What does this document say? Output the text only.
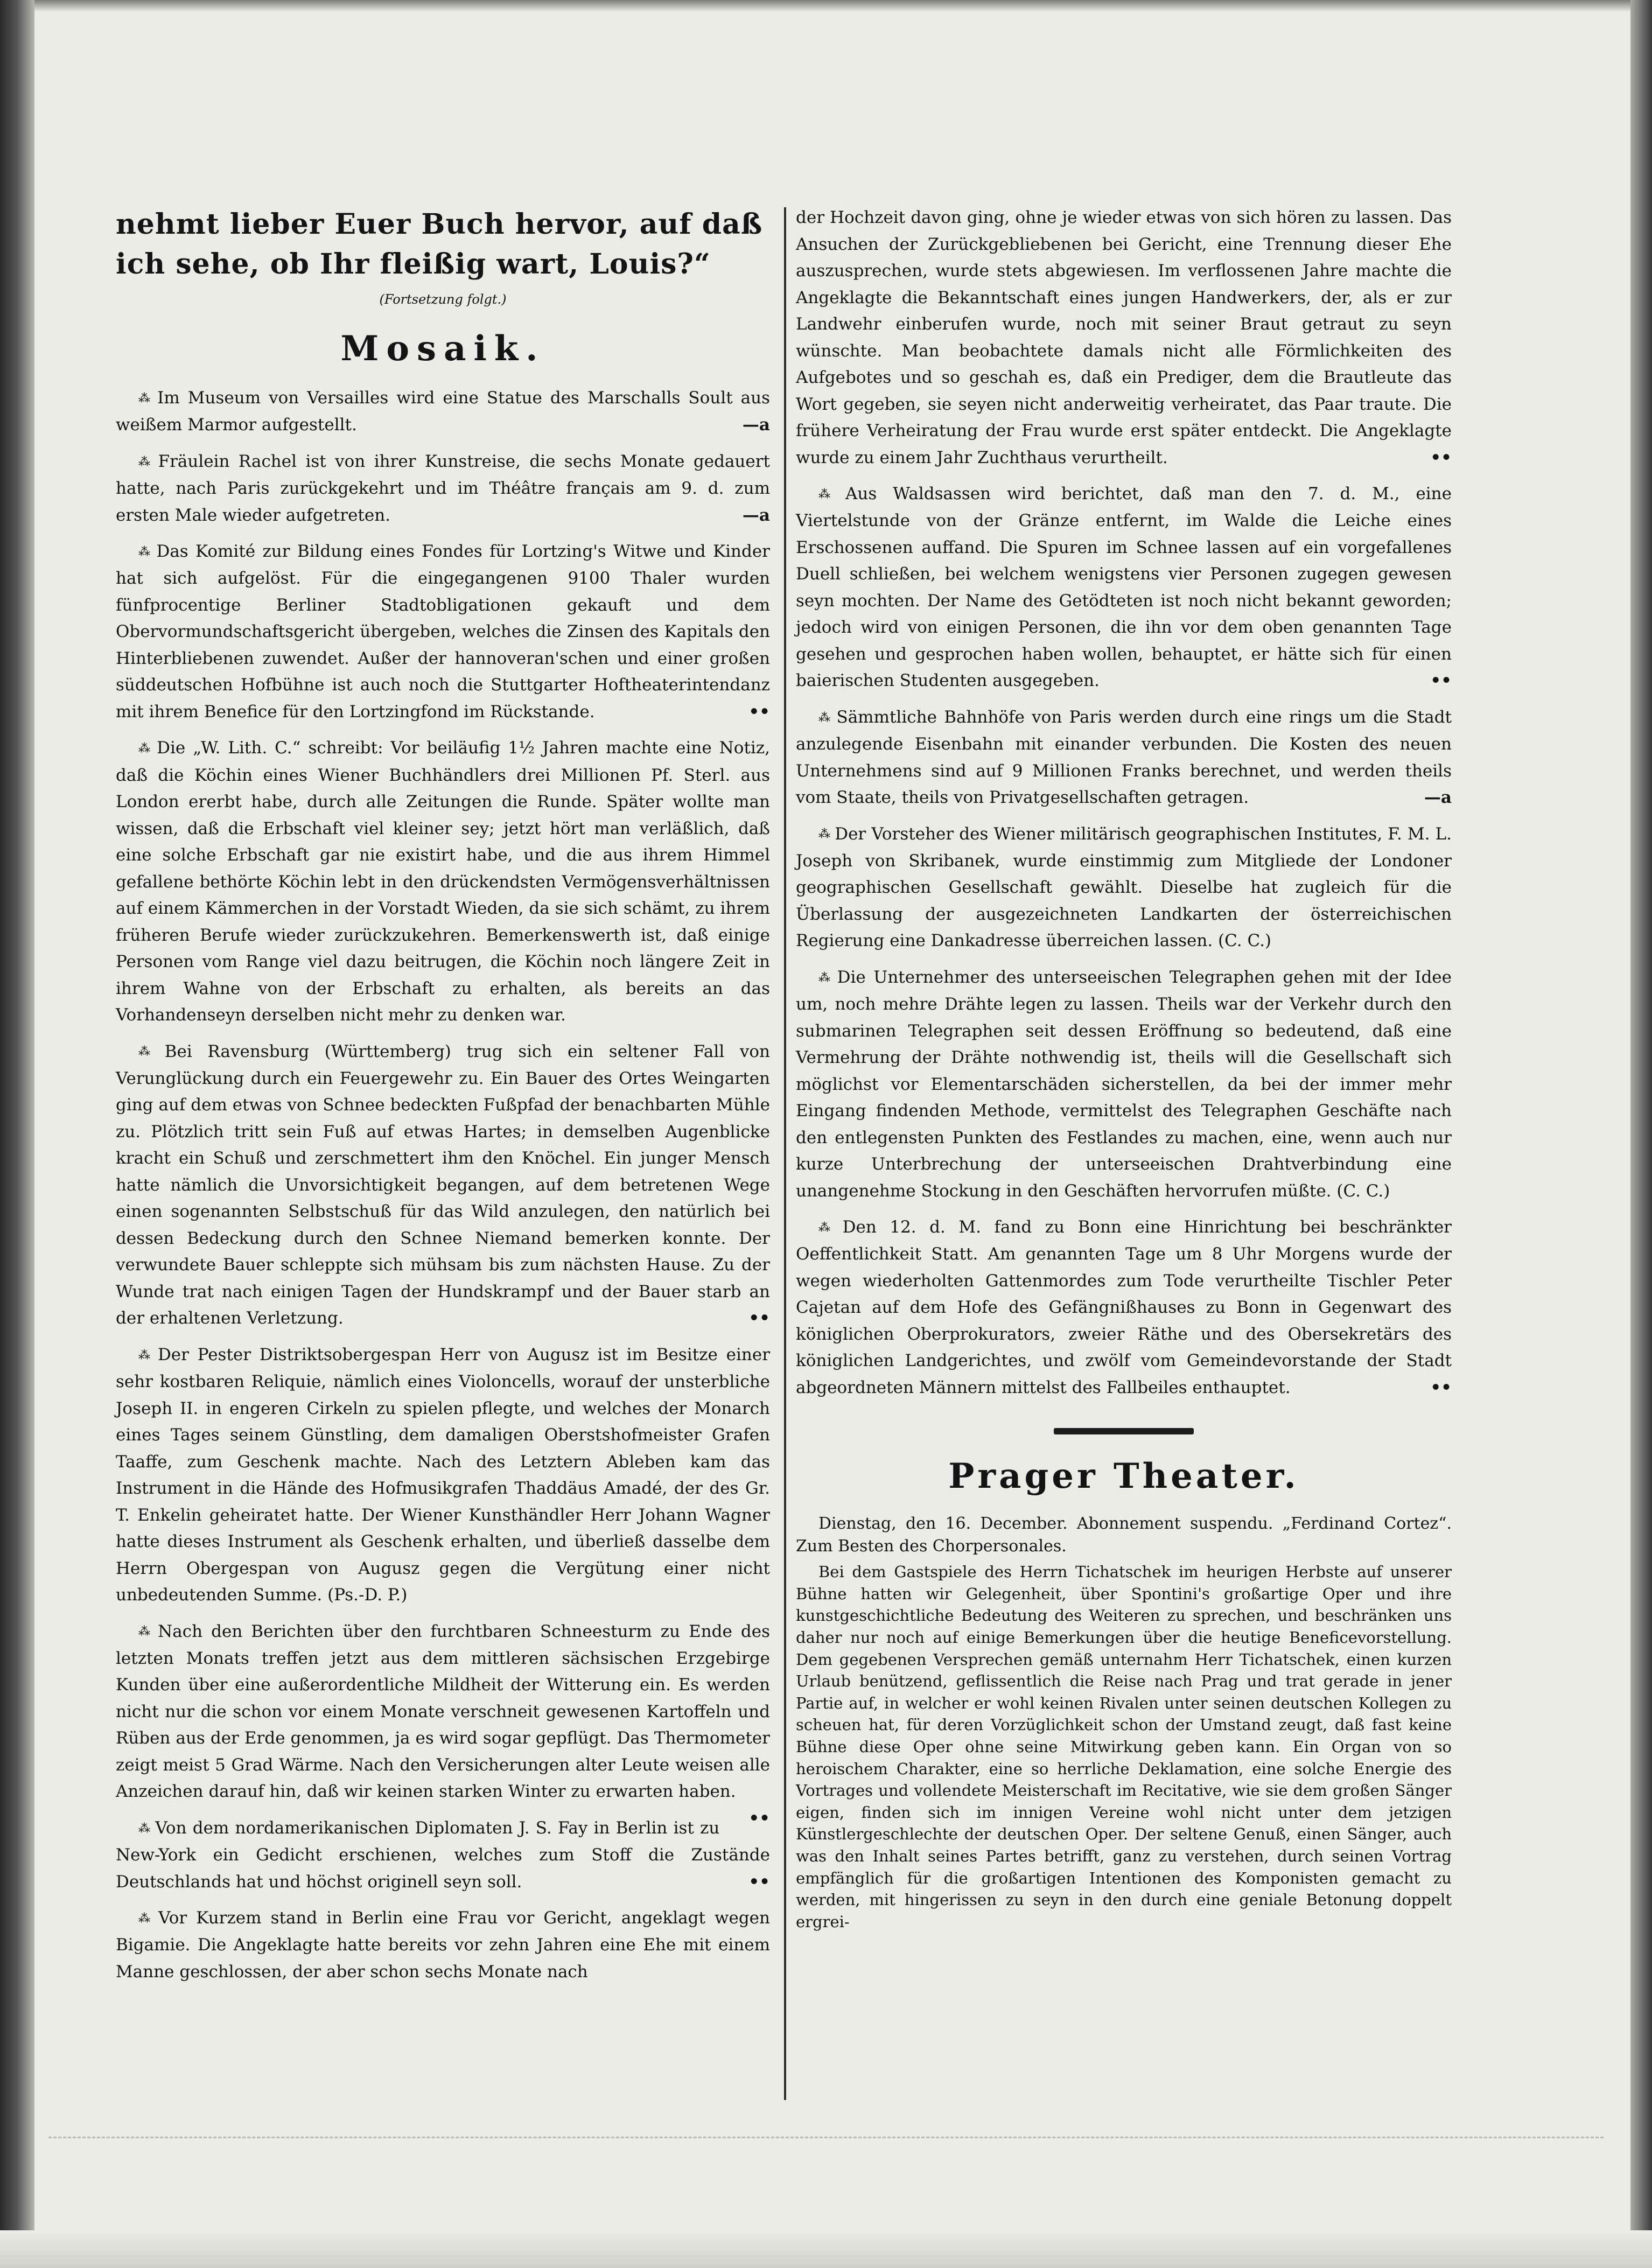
nehmt lieber Euer Buch hervor, auf daß ich sehe, ob Ihr fleißig wart, Louis?“

(Fortsetzung folgt.)
Mosaik.

⁂ Im Museum von Versailles wird eine Statue des Marschalls Soult aus weißem Marmor aufgestellt.	—a

⁂ Fräulein Rachel ist von ihrer Kunstreise, die sechs Monate gedauert hatte, nach Paris zurückgekehrt und im Théâtre français am 9. d. zum ersten Male wieder aufgetreten.	—a

⁂ Das Komité zur Bildung eines Fondes für Lortzing's Witwe und Kinder hat sich aufgelöst. Für die eingegangenen 9100 Thaler wurden fünfprocentige Berliner Stadtobligationen gekauft und dem Obervormundschaftsgericht übergeben, welches die Zinsen des Kapitals den Hinterbliebenen zuwendet. Außer der hannoveran'schen und einer großen süddeutschen Hofbühne ist auch noch die Stuttgarter Hoftheaterintendanz mit ihrem Benefice für den Lortzingfond im Rückstande.	••

⁂ Die „W. Lith. C.“ schreibt: Vor beiläufig 1½ Jahren machte eine Notiz, daß die Köchin eines Wiener Buchhändlers drei Millionen Pf. Sterl. aus London ererbt habe, durch alle Zeitungen die Runde. Später wollte man wissen, daß die Erbschaft viel kleiner sey; jetzt hört man verläßlich, daß eine solche Erbschaft gar nie existirt habe, und die aus ihrem Himmel gefallene bethörte Köchin lebt in den drückendsten Vermögensverhältnissen auf einem Kämmerchen in der Vorstadt Wieden, da sie sich schämt, zu ihrem früheren Berufe wieder zurückzukehren. Bemerkenswerth ist, daß einige Personen vom Range viel dazu beitrugen, die Köchin noch längere Zeit in ihrem Wahne von der Erbschaft zu erhalten, als bereits an das Vorhandenseyn derselben nicht mehr zu denken war.

⁂ Bei Ravensburg (Württemberg) trug sich ein seltener Fall von Verunglückung durch ein Feuergewehr zu. Ein Bauer des Ortes Weingarten ging auf dem etwas von Schnee bedeckten Fußpfad der benachbarten Mühle zu. Plötzlich tritt sein Fuß auf etwas Hartes; in demselben Augenblicke kracht ein Schuß und zerschmettert ihm den Knöchel. Ein junger Mensch hatte nämlich die Unvorsichtigkeit begangen, auf dem betretenen Wege einen sogenannten Selbstschuß für das Wild anzulegen, den natürlich bei dessen Bedeckung durch den Schnee Niemand bemerken konnte. Der verwundete Bauer schleppte sich mühsam bis zum nächsten Hause. Zu der Wunde trat nach einigen Tagen der Hundskrampf und der Bauer starb an der erhaltenen Verletzung.	••

⁂ Der Pester Distriktsobergespan Herr von Augusz ist im Besitze einer sehr kostbaren Reliquie, nämlich eines Violoncells, worauf der unsterbliche Joseph II. in engeren Cirkeln zu spielen pflegte, und welches der Monarch eines Tages seinem Günstling, dem damaligen Oberstshofmeister Grafen Taaffe, zum Geschenk machte. Nach des Letztern Ableben kam das Instrument in die Hände des Hofmusikgrafen Thaddäus Amadé, der des Gr. T. Enkelin geheiratet hatte. Der Wiener Kunsthändler Herr Johann Wagner hatte dieses Instrument als Geschenk erhalten, und überließ dasselbe dem Herrn Obergespan von Augusz gegen die Vergütung einer nicht unbedeutenden Summe. (Ps.-D. P.)

⁂ Nach den Berichten über den furchtbaren Schneesturm zu Ende des letzten Monats treffen jetzt aus dem mittleren sächsischen Erzgebirge Kunden über eine außerordentliche Mildheit der Witterung ein. Es werden nicht nur die schon vor einem Monate verschneit gewesenen Kartoffeln und Rüben aus der Erde genommen, ja es wird sogar gepflügt. Das Thermometer zeigt meist 5 Grad Wärme. Nach den Versicherungen alter Leute weisen alle Anzeichen darauf hin, daß wir keinen starken Winter zu erwarten haben.
••

⁂ Von dem nordamerikanischen Diplomaten J. S. Fay in Berlin ist zu New-York ein Gedicht erschienen, welches zum Stoff die Zustände Deutschlands hat und höchst originell seyn soll.	••

⁂ Vor Kurzem stand in Berlin eine Frau vor Gericht, angeklagt wegen Bigamie. Die Angeklagte hatte bereits vor zehn Jahren eine Ehe mit einem Manne geschlossen, der aber schon sechs Monate nach

der Hochzeit davon ging, ohne je wieder etwas von sich hören zu lassen. Das Ansuchen der Zurückgebliebenen bei Gericht, eine Trennung dieser Ehe auszusprechen, wurde stets abgewiesen. Im verflossenen Jahre machte die Angeklagte die Bekanntschaft eines jungen Handwerkers, der, als er zur Landwehr einberufen wurde, noch mit seiner Braut getraut zu seyn wünschte. Man beobachtete damals nicht alle Förmlichkeiten des Aufgebotes und so geschah es, daß ein Prediger, dem die Brautleute das Wort gegeben, sie seyen nicht anderweitig verheiratet, das Paar traute. Die frühere Verheiratung der Frau wurde erst später entdeckt. Die Angeklagte wurde zu einem Jahr Zuchthaus verurtheilt.	••

⁂ Aus Waldsassen wird berichtet, daß man den 7. d. M., eine Viertelstunde von der Gränze entfernt, im Walde die Leiche eines Erschossenen auffand. Die Spuren im Schnee lassen auf ein vorgefallenes Duell schließen, bei welchem wenigstens vier Personen zugegen gewesen seyn mochten. Der Name des Getödteten ist noch nicht bekannt geworden; jedoch wird von einigen Personen, die ihn vor dem oben genannten Tage gesehen und gesprochen haben wollen, behauptet, er hätte sich für einen baierischen Studenten ausgegeben.	••

⁂ Sämmtliche Bahnhöfe von Paris werden durch eine rings um die Stadt anzulegende Eisenbahn mit einander verbunden. Die Kosten des neuen Unternehmens sind auf 9 Millionen Franks berechnet, und werden theils vom Staate, theils von Privatgesellschaften getragen.	—a

⁂ Der Vorsteher des Wiener militärisch geographischen Institutes, F. M. L. Joseph von Skribanek, wurde einstimmig zum Mitgliede der Londoner geographischen Gesellschaft gewählt. Dieselbe hat zugleich für die Überlassung der ausgezeichneten Landkarten der österreichischen Regierung eine Dankadresse überreichen lassen. (C. C.)

⁂ Die Unternehmer des unterseeischen Telegraphen gehen mit der Idee um, noch mehre Drähte legen zu lassen. Theils war der Verkehr durch den submarinen Telegraphen seit dessen Eröffnung so bedeutend, daß eine Vermehrung der Drähte nothwendig ist, theils will die Gesellschaft sich möglichst vor Elementarschäden sicherstellen, da bei der immer mehr Eingang findenden Methode, vermittelst des Telegraphen Geschäfte nach den entlegensten Punkten des Festlandes zu machen, eine, wenn auch nur kurze Unterbrechung der unterseeischen Drahtverbindung eine unangenehme Stockung in den Geschäften hervorrufen müßte. (C. C.)

⁂ Den 12. d. M. fand zu Bonn eine Hinrichtung bei beschränkter Oeffentlichkeit Statt. Am genannten Tage um 8 Uhr Morgens wurde der wegen wiederholten Gattenmordes zum Tode verurtheilte Tischler Peter Cajetan auf dem Hofe des Gefängnißhauses zu Bonn in Gegenwart des königlichen Oberprokurators, zweier Räthe und des Obersekretärs des königlichen Landgerichtes, und zwölf vom Gemeindevorstande der Stadt abgeordneten Männern mittelst des Fallbeiles enthauptet.	••

Prager Theater.

Dienstag, den 16. December. Abonnement suspendu. „Ferdinand Cortez“. Zum Besten des Chorpersonales.

Bei dem Gastspiele des Herrn Tichatschek im heurigen Herbste auf unserer Bühne hatten wir Gelegenheit, über Spontini's großartige Oper und ihre kunstgeschichtliche Bedeutung des Weiteren zu sprechen, und beschränken uns daher nur noch auf einige Bemerkungen über die heutige Beneficevorstellung. Dem gegebenen Versprechen gemäß unternahm Herr Tichatschek, einen kurzen Urlaub benützend, geflissentlich die Reise nach Prag und trat gerade in jener Partie auf, in welcher er wohl keinen Rivalen unter seinen deutschen Kollegen zu scheuen hat, für deren Vorzüglichkeit schon der Umstand zeugt, daß fast keine Bühne diese Oper ohne seine Mitwirkung geben kann. Ein Organ von so heroischem Charakter, eine so herrliche Deklamation, eine solche Energie des Vortrages und vollendete Meisterschaft im Recitative, wie sie dem großen Sänger eigen, finden sich im innigen Vereine wohl nicht unter dem jetzigen Künstlergeschlechte der deutschen Oper. Der seltene Genuß, einen Sänger, auch was den Inhalt seines Partes betrifft, ganz zu verstehen, durch seinen Vortrag empfänglich für die großartigen Intentionen des Komponisten gemacht zu werden, mit hingerissen zu seyn in den durch eine geniale Betonung doppelt ergrei-
